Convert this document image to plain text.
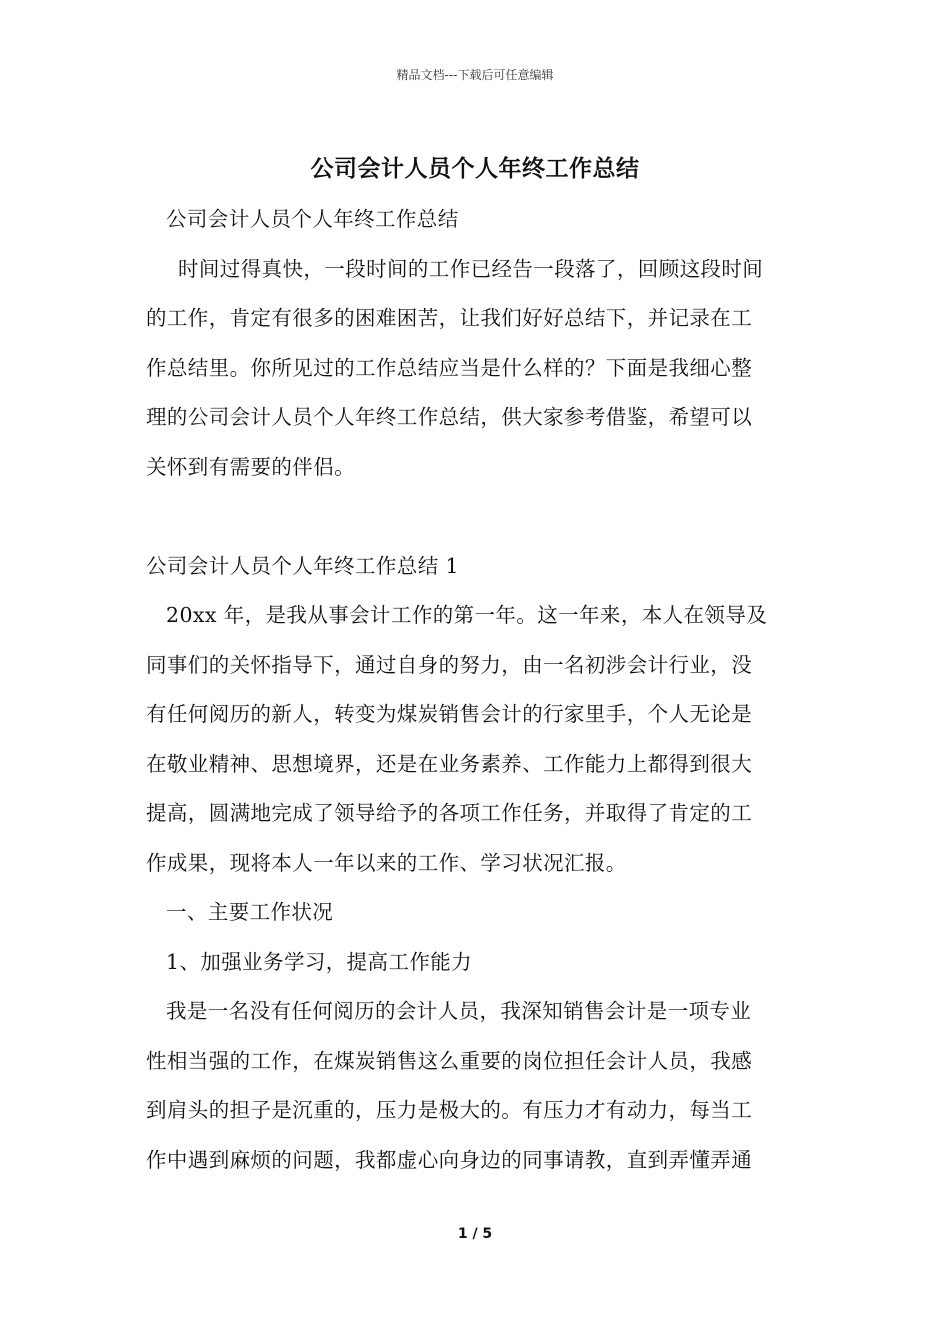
精品文档---下载后可任意编辑
公司会计人员个人年终工作总结
公司会计人员个人年终工作总结
时间过得真快，一段时间的工作已经告一段落了，回顾这段时间
的工作，肯定有很多的困难困苦，让我们好好总结下，并记录在工
作总结里。你所见过的工作总结应当是什么样的？下面是我细心整
理的公司会计人员个人年终工作总结，供大家参考借鉴，希望可以
关怀到有需要的伴侣。
公司会计人员个人年终工作总结 1
20xx 年，是我从事会计工作的第一年。这一年来，本人在领导及
同事们的关怀指导下，通过自身的努力，由一名初涉会计行业，没
有任何阅历的新人，转变为煤炭销售会计的行家里手，个人无论是
在敬业精神、思想境界，还是在业务素养、工作能力上都得到很大
提高，圆满地完成了领导给予的各项工作任务，并取得了肯定的工
作成果，现将本人一年以来的工作、学习状况汇报。
一、主要工作状况
1、加强业务学习，提高工作能力
我是一名没有任何阅历的会计人员，我深知销售会计是一项专业
性相当强的工作，在煤炭销售这么重要的岗位担任会计人员，我感
到肩头的担子是沉重的，压力是极大的。有压力才有动力，每当工
作中遇到麻烦的问题，我都虚心向身边的同事请教，直到弄懂弄通
1 / 5
